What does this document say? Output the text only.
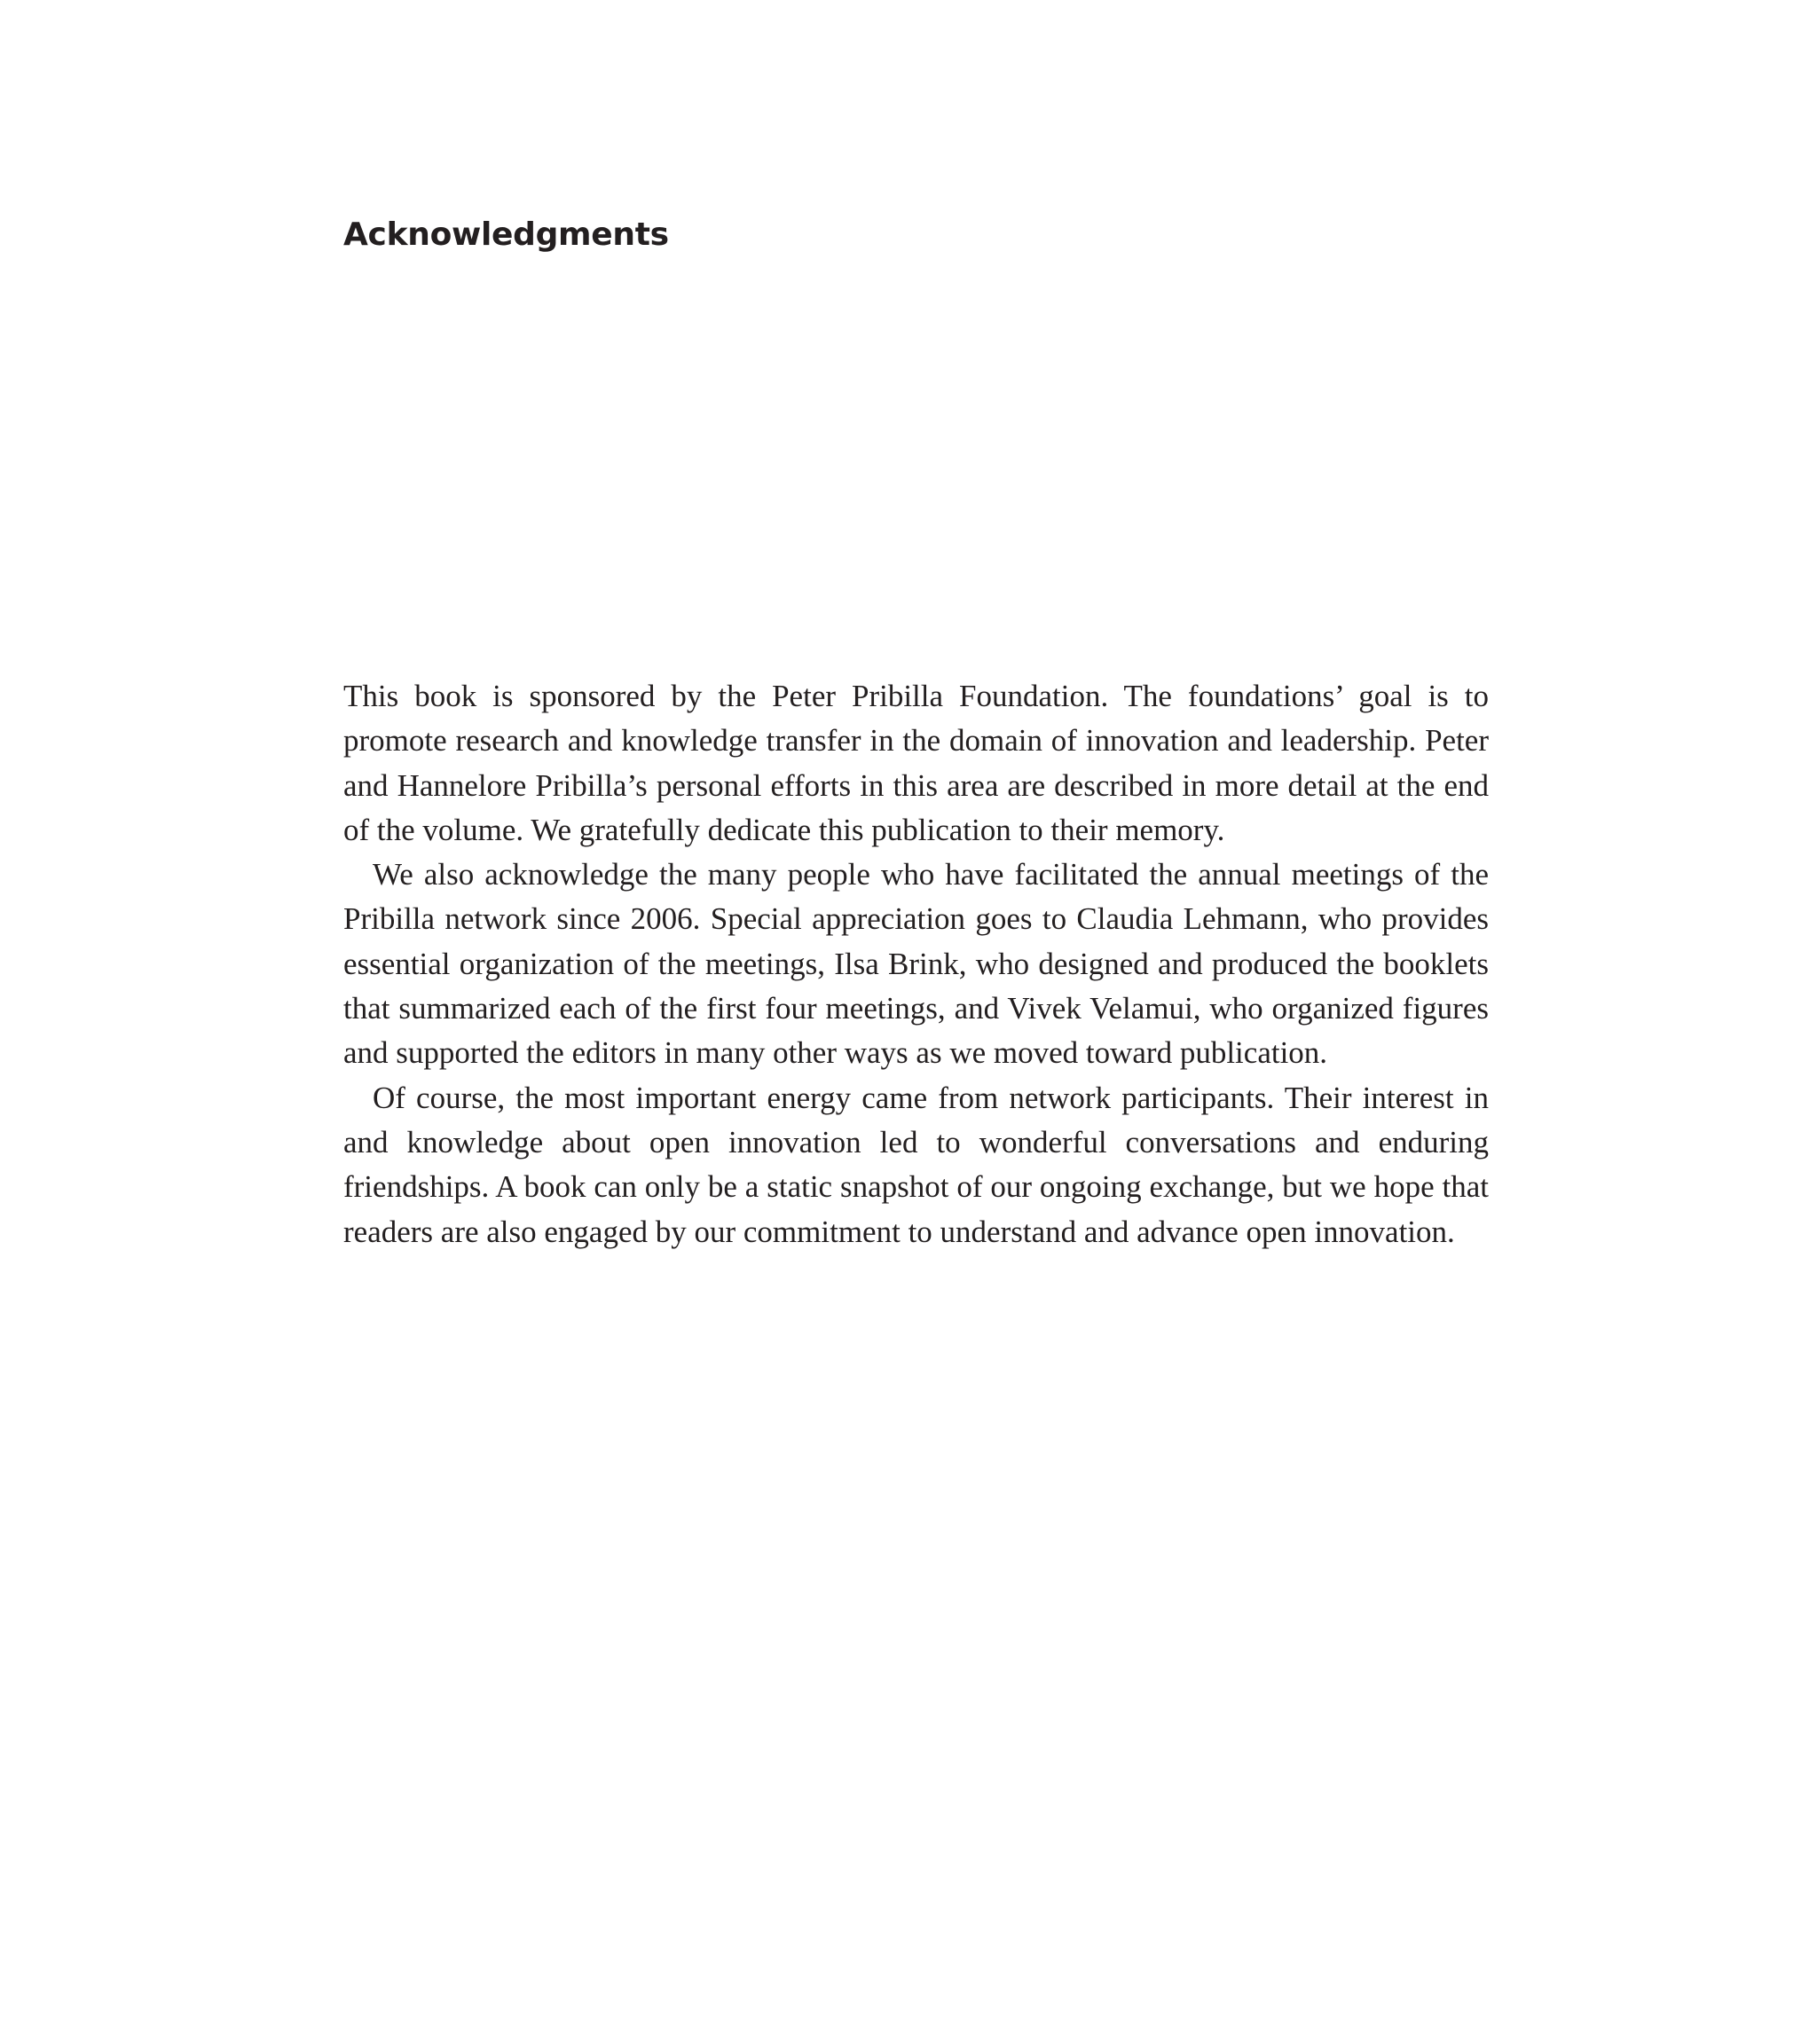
Acknowledgments

This book is sponsored by the Peter Pribilla Foundation. The foundations’ goal is to promote research and knowledge transfer in the domain of innovation and leadership. Peter and Hannelore Pribilla’s personal efforts in this area are described in more detail at the end of the volume. We gratefully dedicate this publication to their memory.

We also acknowledge the many people who have facilitated the annual meetings of the Pribilla network since 2006. Special appreciation goes to Claudia Lehmann, who provides essential organization of the meetings, Ilsa Brink, who designed and produced the booklets that summarized each of the first four meetings, and Vivek Velamui, who organized figures and supported the editors in many other ways as we moved toward publication.

Of course, the most important energy came from network participants. Their interest in and knowledge about open innovation led to wonderful conversations and enduring friendships. A book can only be a static snapshot of our ongoing exchange, but we hope that readers are also engaged by our commitment to understand and advance open innovation.
